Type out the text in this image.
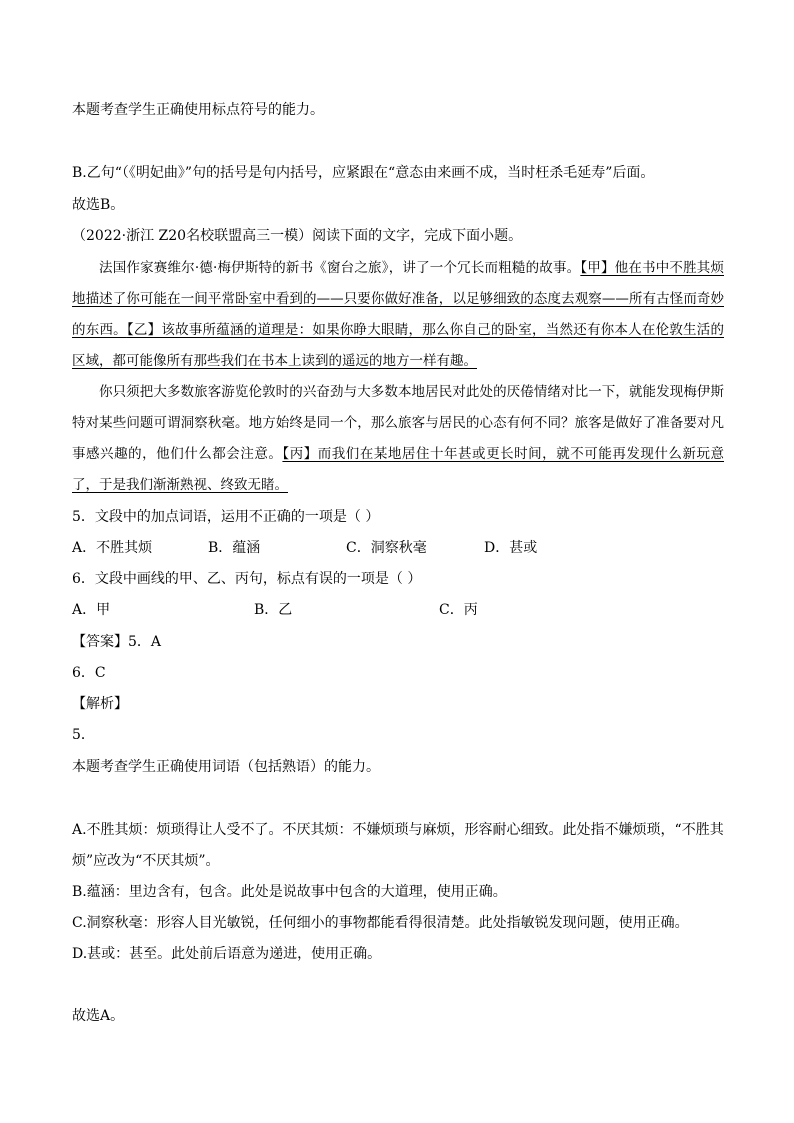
本题考查学生正确使用标点符号的能力。
B.乙句“（《明妃曲》”句的括号是句内括号，应紧跟在“意态由来画不成，当时枉杀毛延寿”后面。
故选B。
（2022·浙江 Z20名校联盟高三一模）阅读下面的文字，完成下面小题。
法国作家赛维尔·德·梅伊斯特的新书《窗台之旅》，讲了一个冗长而粗糙的故事。【甲】他在书中不胜其烦地描述了你可能在一间平常卧室中看到的——只要你做好准备，以足够细致的态度去观察——所有古怪而奇妙的东西。【乙】该故事所蕴涵的道理是：如果你睁大眼睛，那么你自己的卧室，当然还有你本人在伦敦生活的区域，都可能像所有那些我们在书本上读到的遥远的地方一样有趣。
你只须把大多数旅客游览伦敦时的兴奋劲与大多数本地居民对此处的厌倦情绪对比一下，就能发现梅伊斯特对某些问题可谓洞察秋毫。地方始终是同一个，那么旅客与居民的心态有何不同？旅客是做好了准备要对凡事感兴趣的，他们什么都会注意。【丙】而我们在某地居住十年甚或更长时间，就不可能再发现什么新玩意了，于是我们渐渐熟视、终致无睹。
5．文段中的加点词语，运用不正确的一项是（ ）
A．不胜其烦	B．蕴涵	C．洞察秋毫	D．甚或
6．文段中画线的甲、乙、丙句，标点有误的一项是（ ）
A．甲	B．乙	C．丙
【答案】5．A
6．C
【解析】
5．
本题考查学生正确使用词语（包括熟语）的能力。
A.不胜其烦：烦琐得让人受不了。不厌其烦：不嫌烦琐与麻烦，形容耐心细致。此处指不嫌烦琐，“不胜其
烦”应改为“不厌其烦”。
B.蕴涵：里边含有，包含。此处是说故事中包含的大道理，使用正确。
C.洞察秋毫：形容人目光敏锐，任何细小的事物都能看得很清楚。此处指敏锐发现问题，使用正确。
D.甚或：甚至。此处前后语意为递进，使用正确。
故选A。
